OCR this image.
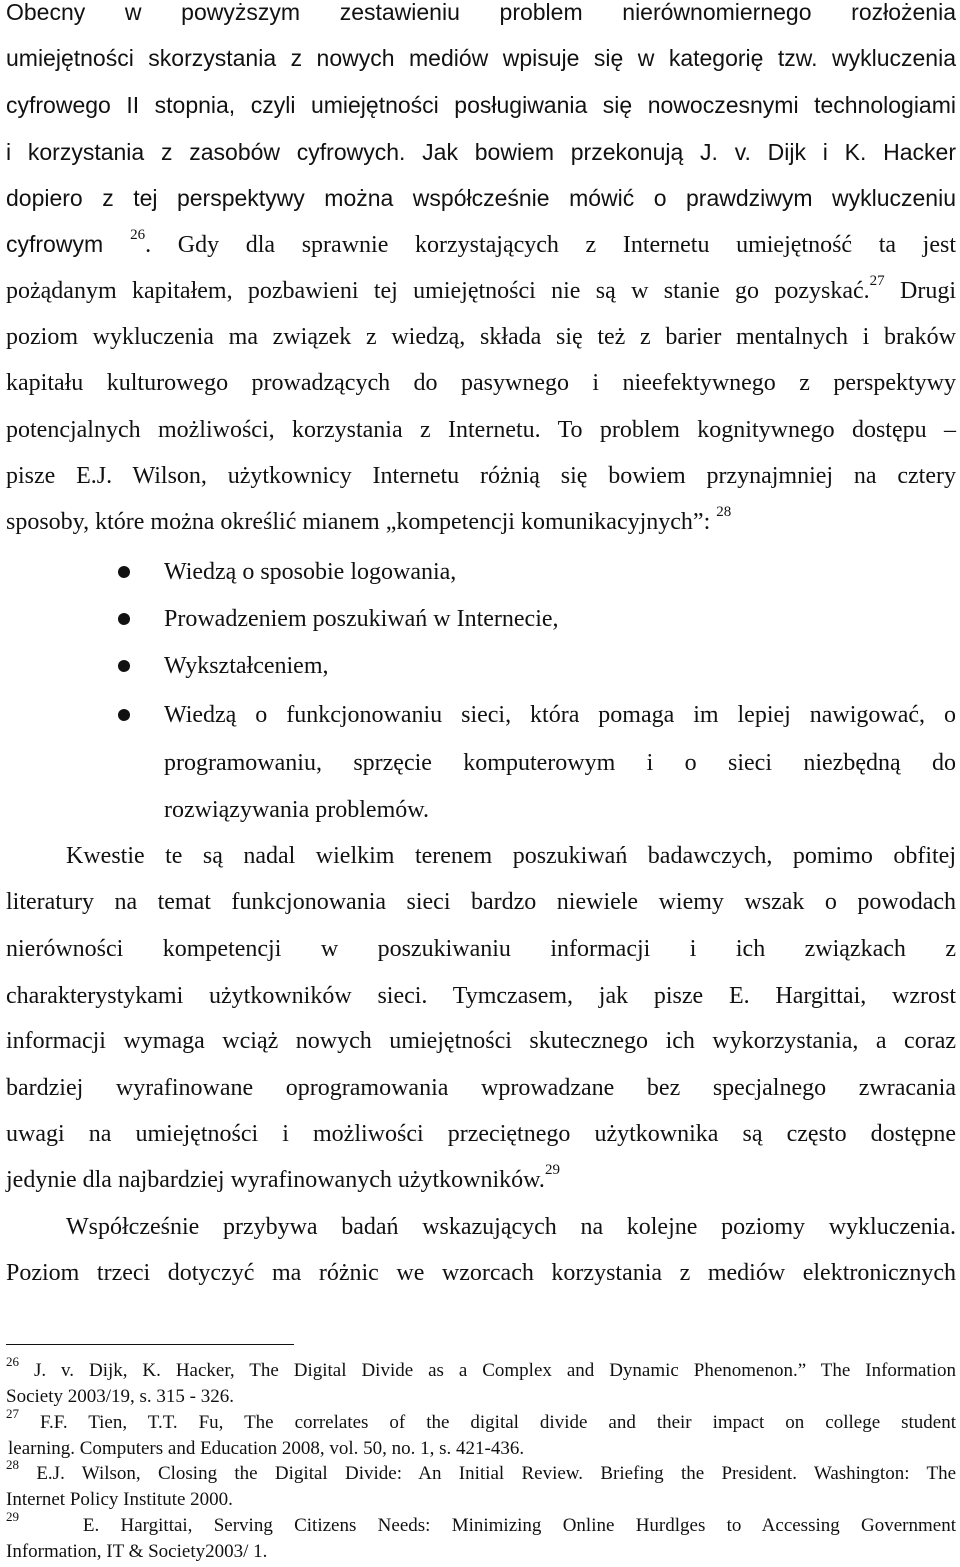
Obecny w powyższym zestawieniu problem nierównomiernego rozłożenia
umiejętności skorzystania z nowych mediów wpisuje się w kategorię tzw. wykluczenia
cyfrowego II stopnia, czyli umiejętności posługiwania się nowoczesnymi technologiami
i korzystania z zasobów cyfrowych. Jak bowiem przekonują J. v. Dijk i K. Hacker
dopiero z tej perspektywy można współcześnie mówić o prawdziwym wykluczeniu
cyfrowym $^{26}$. Gdy dla sprawnie korzystających z Internetu umiejętność ta jest
pożądanym kapitałem, pozbawieni tej umiejętności nie są w stanie go pozyskać.$^{27}$ Drugi
poziom wykluczenia ma związek z wiedzą, składa się też z barier mentalnych i braków
kapitału kulturowego prowadzących do pasywnego i nieefektywnego z perspektywy
potencjalnych możliwości, korzystania z Internetu. To problem kognitywnego dostępu –
pisze E.J. Wilson, użytkownicy Internetu różnią się bowiem przynajmniej na cztery
sposoby, które można określić mianem „kompetencji komunikacyjnych”: $^{28}$
Wiedzą o sposobie logowania,
Prowadzeniem poszukiwań w Internecie,
Wykształceniem,
Wiedzą o funkcjonowaniu sieci, która pomaga im lepiej nawigować, o
programowaniu, sprzęcie komputerowym i o sieci niezbędną do
rozwiązywania problemów.
Kwestie te są nadal wielkim terenem poszukiwań badawczych, pomimo obfitej
literatury na temat funkcjonowania sieci bardzo niewiele wiemy wszak o powodach
nierówności kompetencji w poszukiwaniu informacji i ich związkach z
charakterystykami użytkowników sieci. Tymczasem, jak pisze E. Hargittai, wzrost
informacji wymaga wciąż nowych umiejętności skutecznego ich wykorzystania, a coraz
bardziej wyrafinowane oprogramowania wprowadzane bez specjalnego zwracania
uwagi na umiejętności i możliwości przeciętnego użytkownika są często dostępne
jedynie dla najbardziej wyrafinowanych użytkowników.$^{29}$
Współcześnie przybywa badań wskazujących na kolejne poziomy wykluczenia.
Poziom trzeci dotyczyć ma różnic we wzorcach korzystania z mediów elektronicznych
$^{26}$ J. v. Dijk, K. Hacker, The Digital Divide as a Complex and Dynamic Phenomenon.” The Information
Society 2003/19, s. 315 - 326.
$^{27}$ F.F. Tien, T.T. Fu, The correlates of the digital divide and their impact on college student
learning. Computers and Education 2008, vol. 50, no. 1, s. 421-436.
$^{28}$ E.J. Wilson, Closing the Digital Divide: An Initial Review. Briefing the President. Washington: The
Internet Policy Institute 2000.
$^{29}$	E. Hargittai, Serving Citizens Needs: Minimizing Online Hurdlges to Accessing Government
Information, IT & Society2003/ 1.
